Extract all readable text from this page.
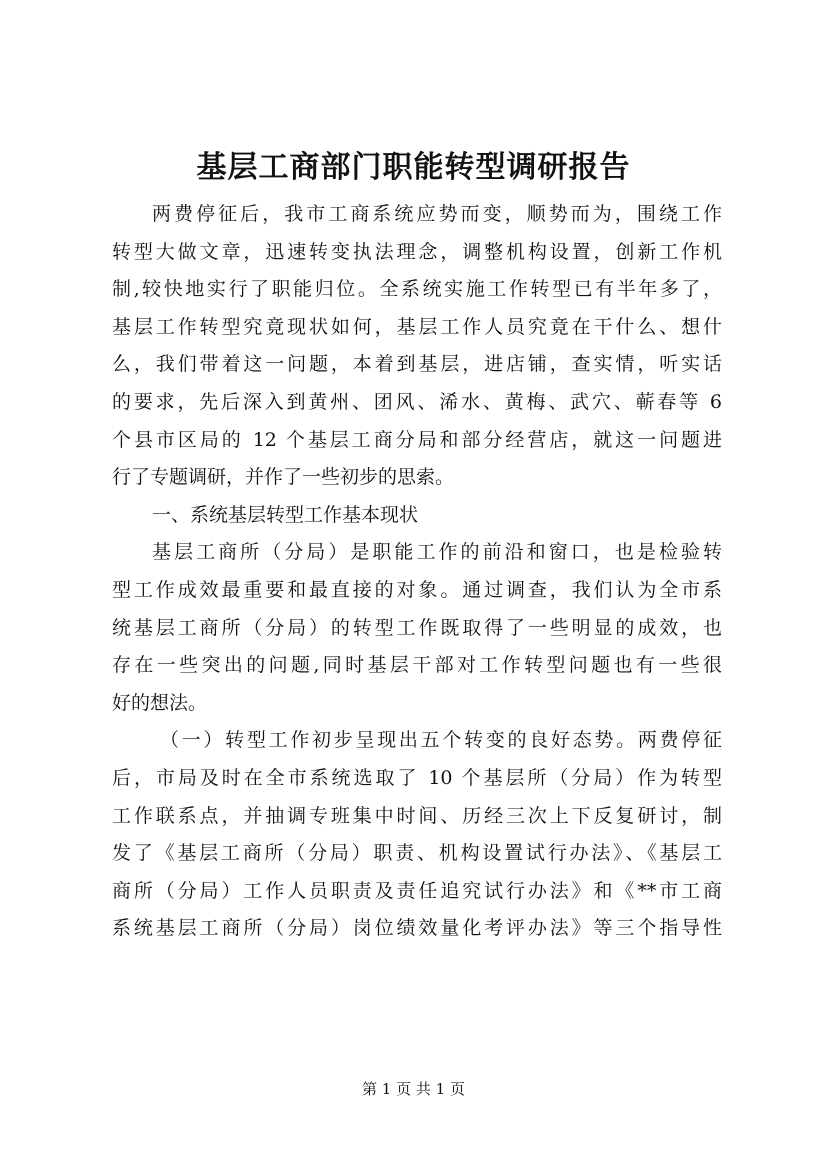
基层工商部门职能转型调研报告
两费停征后，我市工商系统应势而变，顺势而为，围绕工作
转型大做文章，迅速转变执法理念，调整机构设置，创新工作机
制,较快地实行了职能归位。全系统实施工作转型已有半年多了，
基层工作转型究竟现状如何，基层工作人员究竟在干什么、想什
么，我们带着这一问题，本着到基层，进店铺，查实情，听实话
的要求，先后深入到黄州、团风、浠水、黄梅、武穴、蕲春等 6
个县市区局的 12 个基层工商分局和部分经营店，就这一问题进
行了专题调研，并作了一些初步的思索。
一、系统基层转型工作基本现状
基层工商所（分局）是职能工作的前沿和窗口，也是检验转
型工作成效最重要和最直接的对象。通过调查，我们认为全市系
统基层工商所（分局）的转型工作既取得了一些明显的成效，也
存在一些突出的问题,同时基层干部对工作转型问题也有一些很
好的想法。
（一）转型工作初步呈现出五个转变的良好态势。两费停征
后，市局及时在全市系统选取了 10 个基层所（分局）作为转型
工作联系点，并抽调专班集中时间、历经三次上下反复研讨，制
发了《基层工商所（分局）职责、机构设置试行办法》、《基层工
商所（分局）工作人员职责及责任追究试行办法》和《**市工商
系统基层工商所（分局）岗位绩效量化考评办法》等三个指导性
第 1 页 共 1 页
